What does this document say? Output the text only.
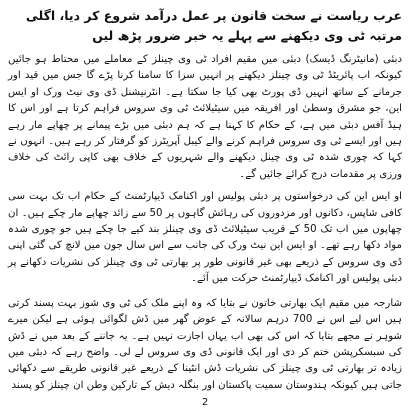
عرب ریاست نے سخت قانون پر عمل درآمد شروع کر دیا، اگلی مرتبہ ٹی وی دیکھنے سے پہلے یہ خبر ضرور پڑھ لیں

دبئی (مانیٹرنگ ڈیسک) دبئی میں مقیم افراد ٹی وی چینلز کے معاملے میں محتاط ہو جائیں کیونکہ اب پائریٹڈ ٹی وی چینلز دیکھنے پر انہیں سزا کا سامنا کرنا پڑے گا جس میں قید اور جرمانے کے ساتھ انہیں ڈی پورٹ بھی کیا جا سکتا ہے۔ انٹرنیشنل ڈی وی نیٹ ورک او ایس این، جو مشرق وسطیٰ اور افریقہ میں سیٹیلائٹ ٹی وی سروس فراہم کرتا ہے اور اس کا ہیڈ آفس دبئی میں ہے، کے حکام کا کہنا ہے کہ ہم دبئی میں بڑے پیمانے پر چھاپے مار رہے ہیں اور ایسے ٹی وی سروس فراہم کرنے والے کیبل آپریٹرز کو گرفتار کر رہے ہیں۔ انہوں نے کہا کہ چوری شدہ ٹی وی چینل دیکھنے والے شہریوں کے خلاف بھی کاپی رائٹ کی خلاف ورزی پر مقدمات درج کرائے جائیں گے۔

او ایس این کی درخواستوں پر دبئی پولیس اور اکنامک ڈیپارٹمنٹ کے حکام اب تک بہت سی کافی شاپس، دکانوں اور مزدوروں کی رہائش گاہوں پر 50 سے زائد چھاپے مار چکے ہیں۔ ان چھاپوں میں اب تک 50 کے قریب سیٹیلائٹ ڈی وی چینلز بند کیے جا چکے ہیں جو چوری شدہ مواد دکھا رہے تھے۔ او ایس این نیٹ ورک کی جانب سے اس سال جون میں لانچ کی گئی اپنی ڈی وی سروس کے ذریعے بھی غیر قانونی طور پر بھارتی ٹی وی چینلز کی نشریات دکھانے پر دبئی پولیس اور اکنامک ڈیپارٹمنٹ حرکت میں آئے۔

شارجہ میں مقیم ایک بھارتی خاتون نے بتایا کہ وہ اپنے ملک کی ٹی وی شوز بہت پسند کرتی ہیں اس لیے اس نے 700 درہم سالانہ کے عوض گھر میں ڈش لگوائی ہوئی ہے لیکن میرے شوہر نے مجھے بتایا کہ اس کی بھی اب یہاں اجازت نہیں ہے۔ یہ جاننے کے بعد میں نے ڈش کی سبسکرپشن ختم کر دی اور ایک قانونی ڈی وی سروس لے لی۔ واضح رہے کہ دبئی میں زیادہ تر بھارتی ٹی وی چینلز کی نشریات ڈش انٹینا کے ذریعے غیر قانونی طریقے سے دکھائی جاتی ہیں کیونکہ ہندوستان سمیت پاکستان اور بنگلہ دیش کے تارکین وطن ان چینلز کو پسند

2
